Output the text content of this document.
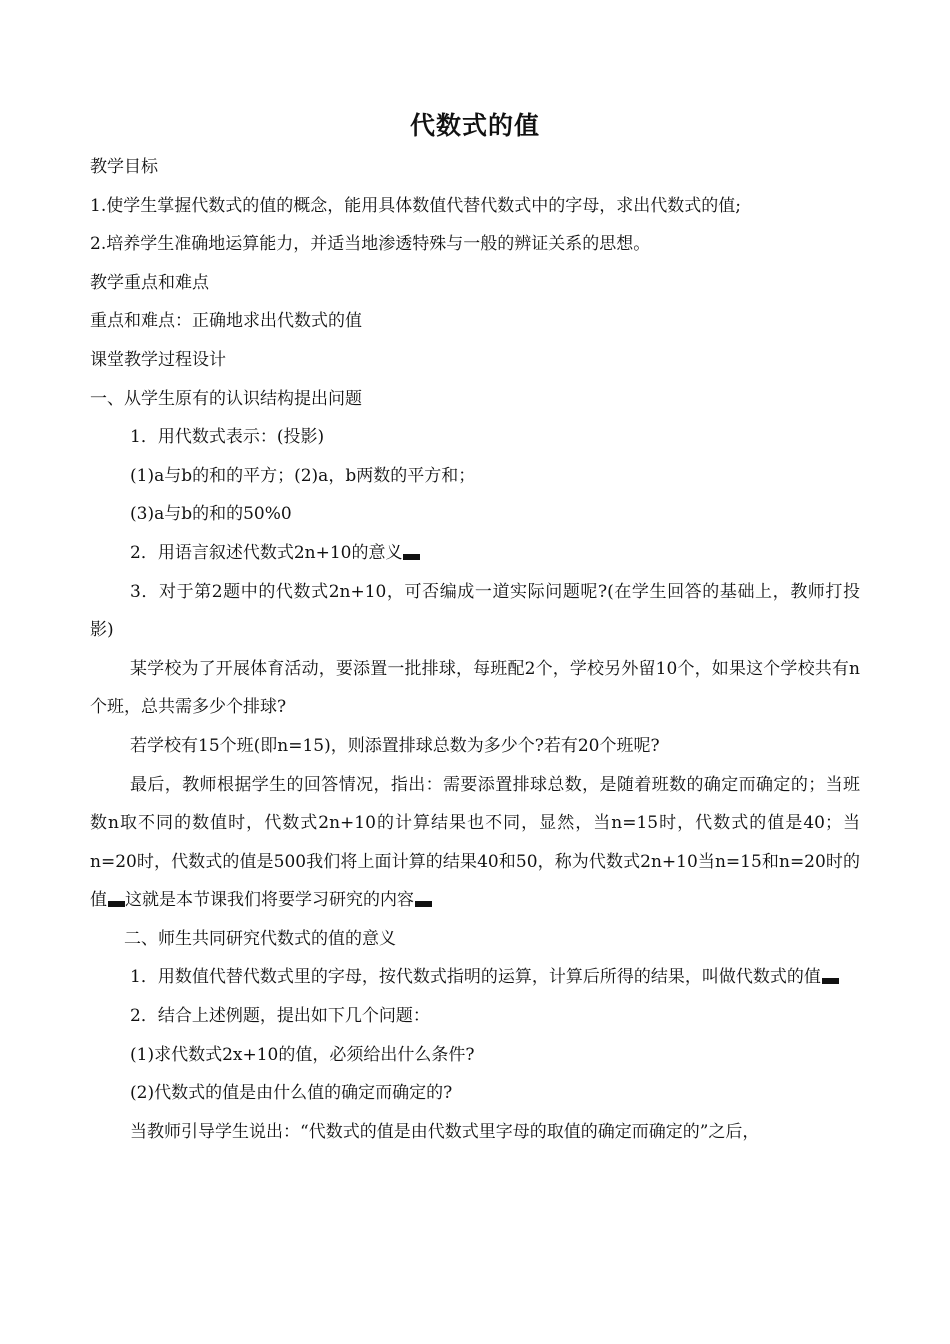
代数式的值

教学目标

1.使学生掌握代数式的值的概念，能用具体数值代替代数式中的字母，求出代数式的值;

2.培养学生准确地运算能力，并适当地渗透特殊与一般的辨证关系的思想。

教学重点和难点

重点和难点：正确地求出代数式的值

课堂教学过程设计

一、从学生原有的认识结构提出问题

1．用代数式表示：(投影)

(1)a与b的和的平方；(2)a，b两数的平方和；

(3)a与b的和的50%0

2．用语言叙述代数式2n+10的意义

3．对于第2题中的代数式2n+10，可否编成一道实际问题呢?(在学生回答的基础上，教师打投影)

某学校为了开展体育活动，要添置一批排球，每班配2个，学校另外留10个，如果这个学校共有n个班，总共需多少个排球?

若学校有15个班(即n=15)，则添置排球总数为多少个?若有20个班呢?

最后，教师根据学生的回答情况，指出：需要添置排球总数，是随着班数的确定而确定的；当班数n取不同的数值时，代数式2n+10的计算结果也不同，显然，当n=15时，代数式的值是40；当n=20时，代数式的值是500我们将上面计算的结果40和50，称为代数式2n+10当n=15和n=20时的值 这就是本节课我们将要学习研究的内容

二、师生共同研究代数式的值的意义

1．用数值代替代数式里的字母，按代数式指明的运算，计算后所得的结果，叫做代数式的值

2．结合上述例题，提出如下几个问题：

(1)求代数式2x+10的值，必须给出什么条件?

(2)代数式的值是由什么值的确定而确定的?

当教师引导学生说出：“代数式的值是由代数式里字母的取值的确定而确定的”之后，
